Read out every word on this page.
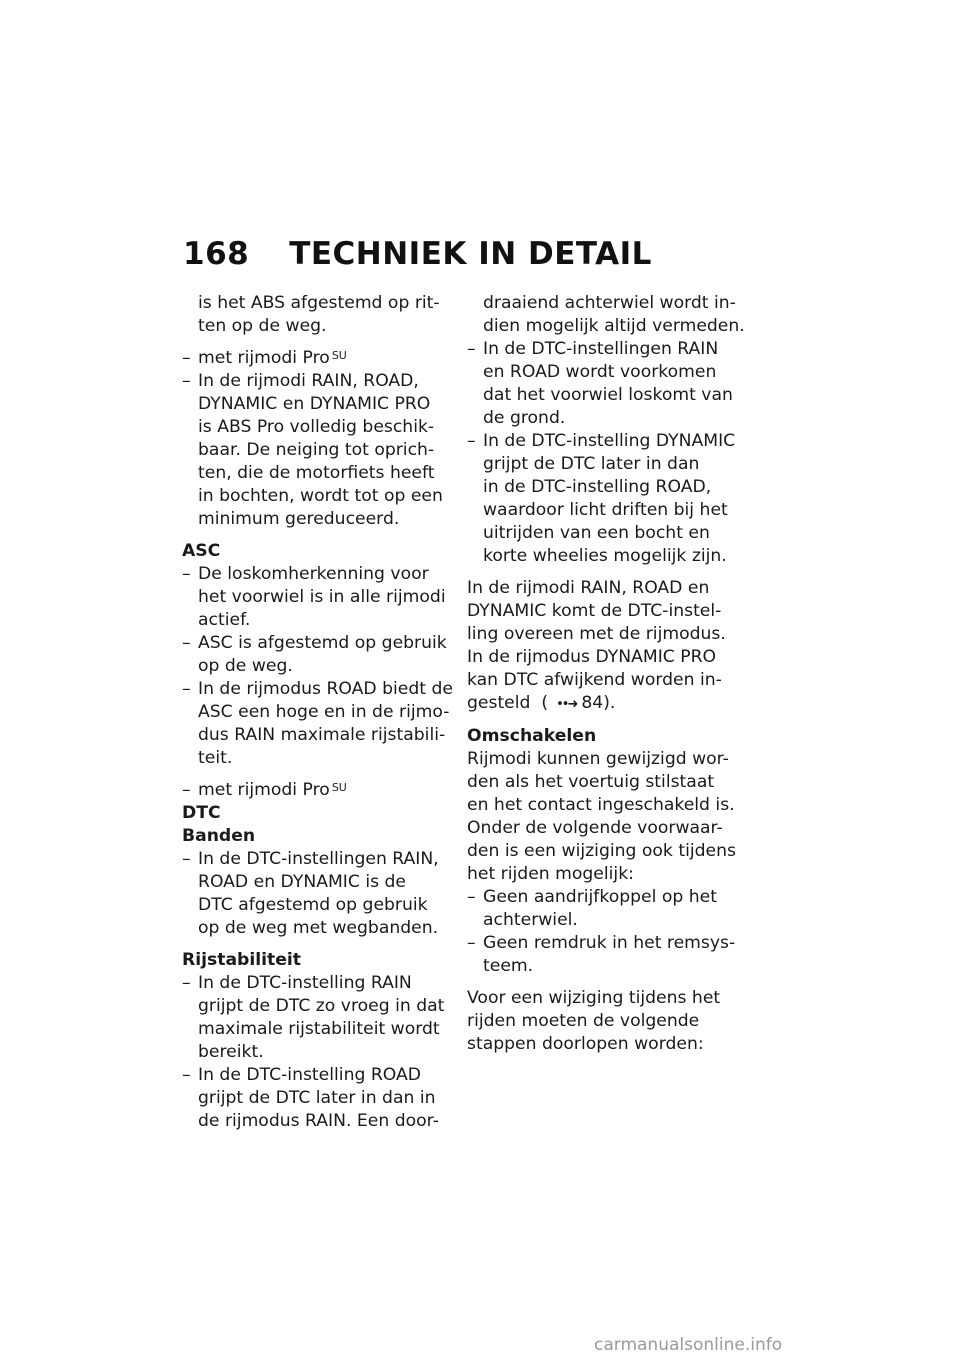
168 TECHNIEK IN DETAIL
is het ABS afgestemd op rit-
ten op de weg.
– met rijmodi Pro $^{SU}$
– In de rijmodi RAIN, ROAD,
DYNAMIC en DYNAMIC PRO
is ABS Pro volledig beschik-
baar. De neiging tot oprich-
ten, die de motorfiets heeft
in bochten, wordt tot op een
minimum gereduceerd.
ASC
– De loskomherkenning voor
het voorwiel is in alle rijmodi
actief.
– ASC is afgestemd op gebruik
op de weg.
– In de rijmodus ROAD biedt de
ASC een hoge en in de rijmo-
dus RAIN maximale rijstabili-
teit.
– met rijmodi Pro $^{SU}$
DTC
Banden
– In de DTC-instellingen RAIN,
ROAD en DYNAMIC is de
DTC afgestemd op gebruik
op de weg met wegbanden.
Rijstabiliteit
– In de DTC-instelling RAIN
grijpt de DTC zo vroeg in dat
maximale rijstabiliteit wordt
bereikt.
– In de DTC-instelling ROAD
grijpt de DTC later in dan in
de rijmodus RAIN. Een door-
draaiend achterwiel wordt in-
dien mogelijk altijd vermeden.
– In de DTC-instellingen RAIN
en ROAD wordt voorkomen
dat het voorwiel loskomt van
de grond.
– In de DTC-instelling DYNAMIC
grijpt de DTC later in dan
in de DTC-instelling ROAD,
waardoor licht driften bij het
uitrijden van een bocht en
korte wheelies mogelijk zijn.
In de rijmodi RAIN, ROAD en
DYNAMIC komt de DTC-instel-
ling overeen met de rijmodus.
In de rijmodus DYNAMIC PRO
kan DTC afwijkend worden in-
gesteld ( ••➜ 84).
Omschakelen
Rijmodi kunnen gewijzigd wor-
den als het voertuig stilstaat
en het contact ingeschakeld is.
Onder de volgende voorwaar-
den is een wijziging ook tijdens
het rijden mogelijk:
– Geen aandrijfkoppel op het
achterwiel.
– Geen remdruk in het remsys-
teem.
Voor een wijziging tijdens het
rijden moeten de volgende
stappen doorlopen worden:
carmanualsonline.info
